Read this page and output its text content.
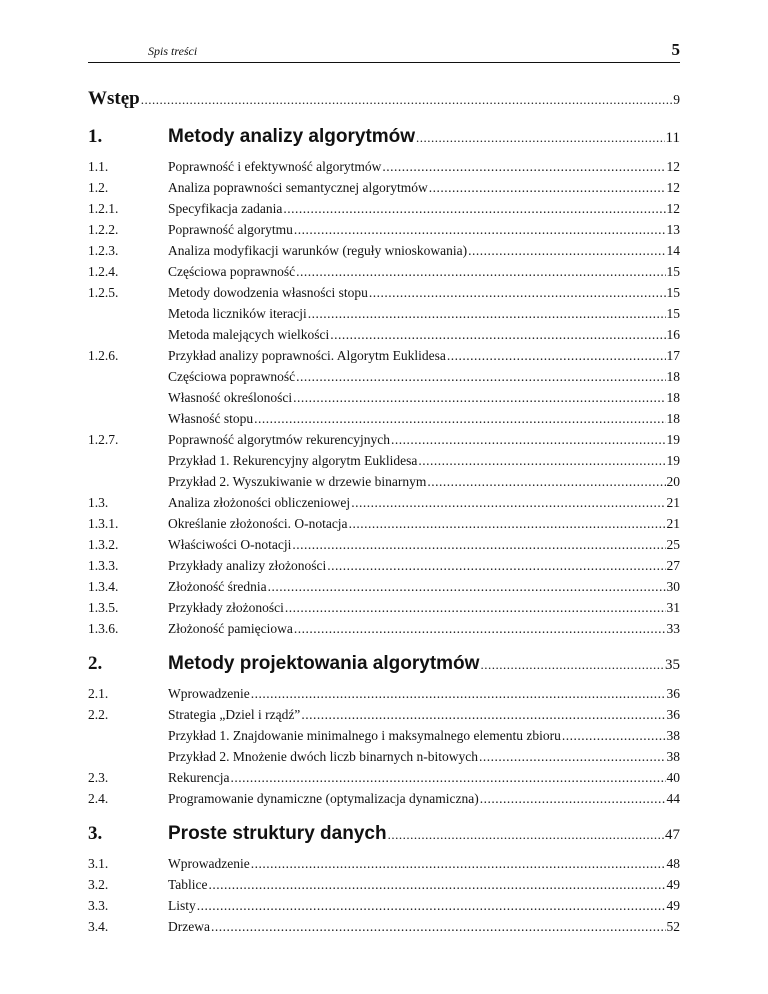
Spis treści	5
Wstęp .....	9
1.	Metody analizy algorytmów .....	11
1.1.	Poprawność i efektywność algorytmów .....	12
1.2.	Analiza poprawności semantycznej algorytmów .....	12
1.2.1.	Specyfikacja zadania .....	12
1.2.2.	Poprawność algorytmu .....	13
1.2.3.	Analiza modyfikacji warunków (reguły wnioskowania) .....	14
1.2.4.	Częściowa poprawność .....	15
1.2.5.	Metody dowodzenia własności stopu .....	15
Metoda liczników iteracji .....	15
Metoda malejących wielkości .....	16
1.2.6.	Przykład analizy poprawności. Algorytm Euklidesa .....	17
Częściowa poprawność .....	18
Własność określoności .....	18
Własność stopu .....	18
1.2.7.	Poprawność algorytmów rekurencyjnych .....	19
Przykład 1. Rekurencyjny algorytm Euklidesa .....	19
Przykład 2. Wyszukiwanie w drzewie binarnym .....	20
1.3.	Analiza złożoności obliczeniowej .....	21
1.3.1.	Określanie złożoności. O-notacja .....	21
1.3.2.	Właściwości O-notacji .....	25
1.3.3.	Przykłady analizy złożoności .....	27
1.3.4.	Złożoność średnia .....	30
1.3.5.	Przykłady złożoności .....	31
1.3.6.	Złożoność pamięciowa .....	33
2.	Metody projektowania algorytmów .....	35
2.1.	Wprowadzenie .....	36
2.2.	Strategia „Dziel i rządź” .....	36
Przykład 1. Znajdowanie minimalnego i maksymalnego elementu zbioru .....	38
Przykład 2. Mnożenie dwóch liczb binarnych n-bitowych .....	38
2.3.	Rekurencja .....	40
2.4.	Programowanie dynamiczne (optymalizacja dynamiczna) .....	44
3.	Proste struktury danych .....	47
3.1.	Wprowadzenie .....	48
3.2.	Tablice .....	49
3.3.	Listy .....	49
3.4.	Drzewa .....	52
